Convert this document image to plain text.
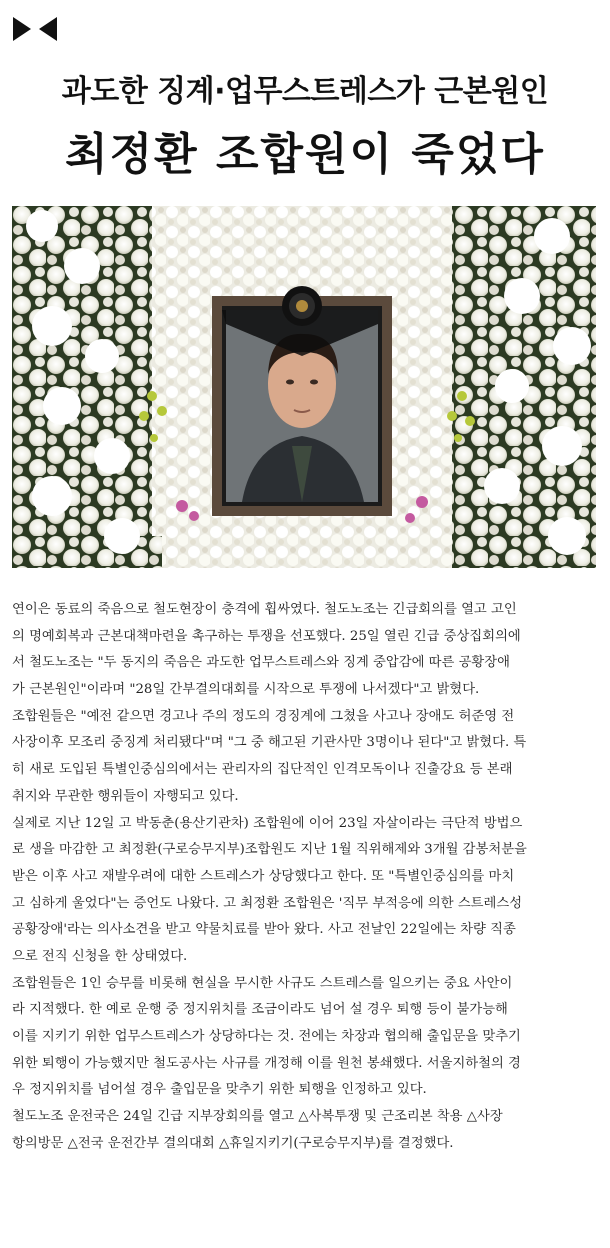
과도한 징계·업무스트레스가 근본원인
최정환 조합원이 죽었다
연이은 동료의 죽음으로 철도현장이 충격에 휩싸였다. 철도노조는 긴급회의를 열고 고인
의 명예회복과 근본대책마련을 촉구하는 투쟁을 선포했다. 25일 열린 긴급 중상집회의에
서 철도노조는 "두 동지의 죽음은 과도한 업무스트레스와 징계 중압감에 따른 공황장애
가 근본원인"이라며 "28일 간부결의대회를 시작으로 투쟁에 나서겠다"고 밝혔다.
조합원들은 "예전 같으면 경고나 주의 정도의 경징계에 그쳤을 사고나 장애도 허준영 전
사장이후 모조리 중징계 처리됐다"며 "그 중 해고된 기관사만 3명이나 된다"고 밝혔다. 특
히 새로 도입된 특별인중심의에서는 관리자의 집단적인 인격모독이나 진출강요 등 본래
취지와 무관한 행위들이 자행되고 있다.
실제로 지난 12일 고 박동춘(용산기관차) 조합원에 이어 23일 자살이라는 극단적 방법으
로 생을 마감한 고 최정환(구로승무지부)조합원도 지난 1월 직위해제와 3개월 감봉처분을
받은 이후 사고 재발우려에 대한 스트레스가 상당했다고 한다. 또 "특별인중심의를 마치
고 심하게 울었다"는 증언도 나왔다. 고 최정환 조합원은 '직무 부적응에 의한 스트레스성
공황장애'라는 의사소견을 받고 약물치료를 받아 왔다. 사고 전날인 22일에는 차량 직종
으로 전직 신청을 한 상태였다.
조합원들은 1인 승무를 비롯해 현실을 무시한 사규도 스트레스를 일으키는 중요 사안이
라 지적했다. 한 예로 운행 중 정지위치를 조금이라도 넘어 설 경우 퇴행 등이 불가능해
이를 지키기 위한 업무스트레스가 상당하다는 것. 전에는 차장과 협의해 출입문을 맞추기
위한 퇴행이 가능했지만 철도공사는 사규를 개정해 이를 원천 봉쇄했다. 서울지하철의 경
우 정지위치를 넘어설 경우 출입문을 맞추기 위한 퇴행을 인정하고 있다.
철도노조 운전국은 24일 긴급 지부장회의를 열고 △사복투쟁 및 근조리본 착용 △사장
항의방문 △전국 운전간부 결의대회 △휴일지키기(구로승무지부)를 결정했다.
